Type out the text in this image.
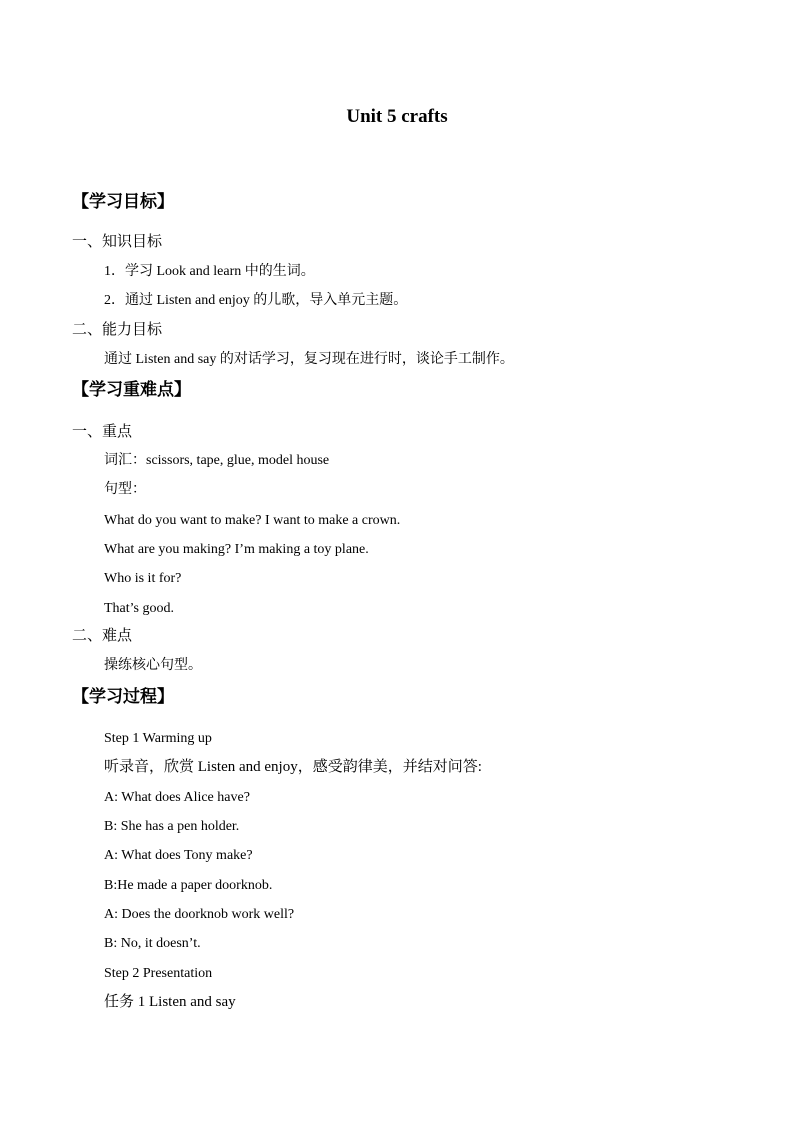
Unit 5 crafts
【学习目标】
一、知识目标
1．学习 Look and learn 中的生词。
2．通过 Listen and enjoy 的儿歌，导入单元主题。
二、能力目标
通过 Listen and say 的对话学习，复习现在进行时，谈论手工制作。
【学习重难点】
一、重点
词汇：scissors, tape, glue, model house
句型：
What do you want to make? I want to make a crown.
What are you making? I’m making a toy plane.
Who is it for?
That’s good.
二、难点
操练核心句型。
【学习过程】
Step 1 Warming up
听录音，欣赏 Listen and enjoy，感受韵律美，并结对问答:
A: What does Alice have?
B: She has a pen holder.
A: What does Tony make?
B:He made a paper doorknob.
A: Does the doorknob work well?
B: No, it doesn’t.
Step 2 Presentation
任务 1 Listen and say
